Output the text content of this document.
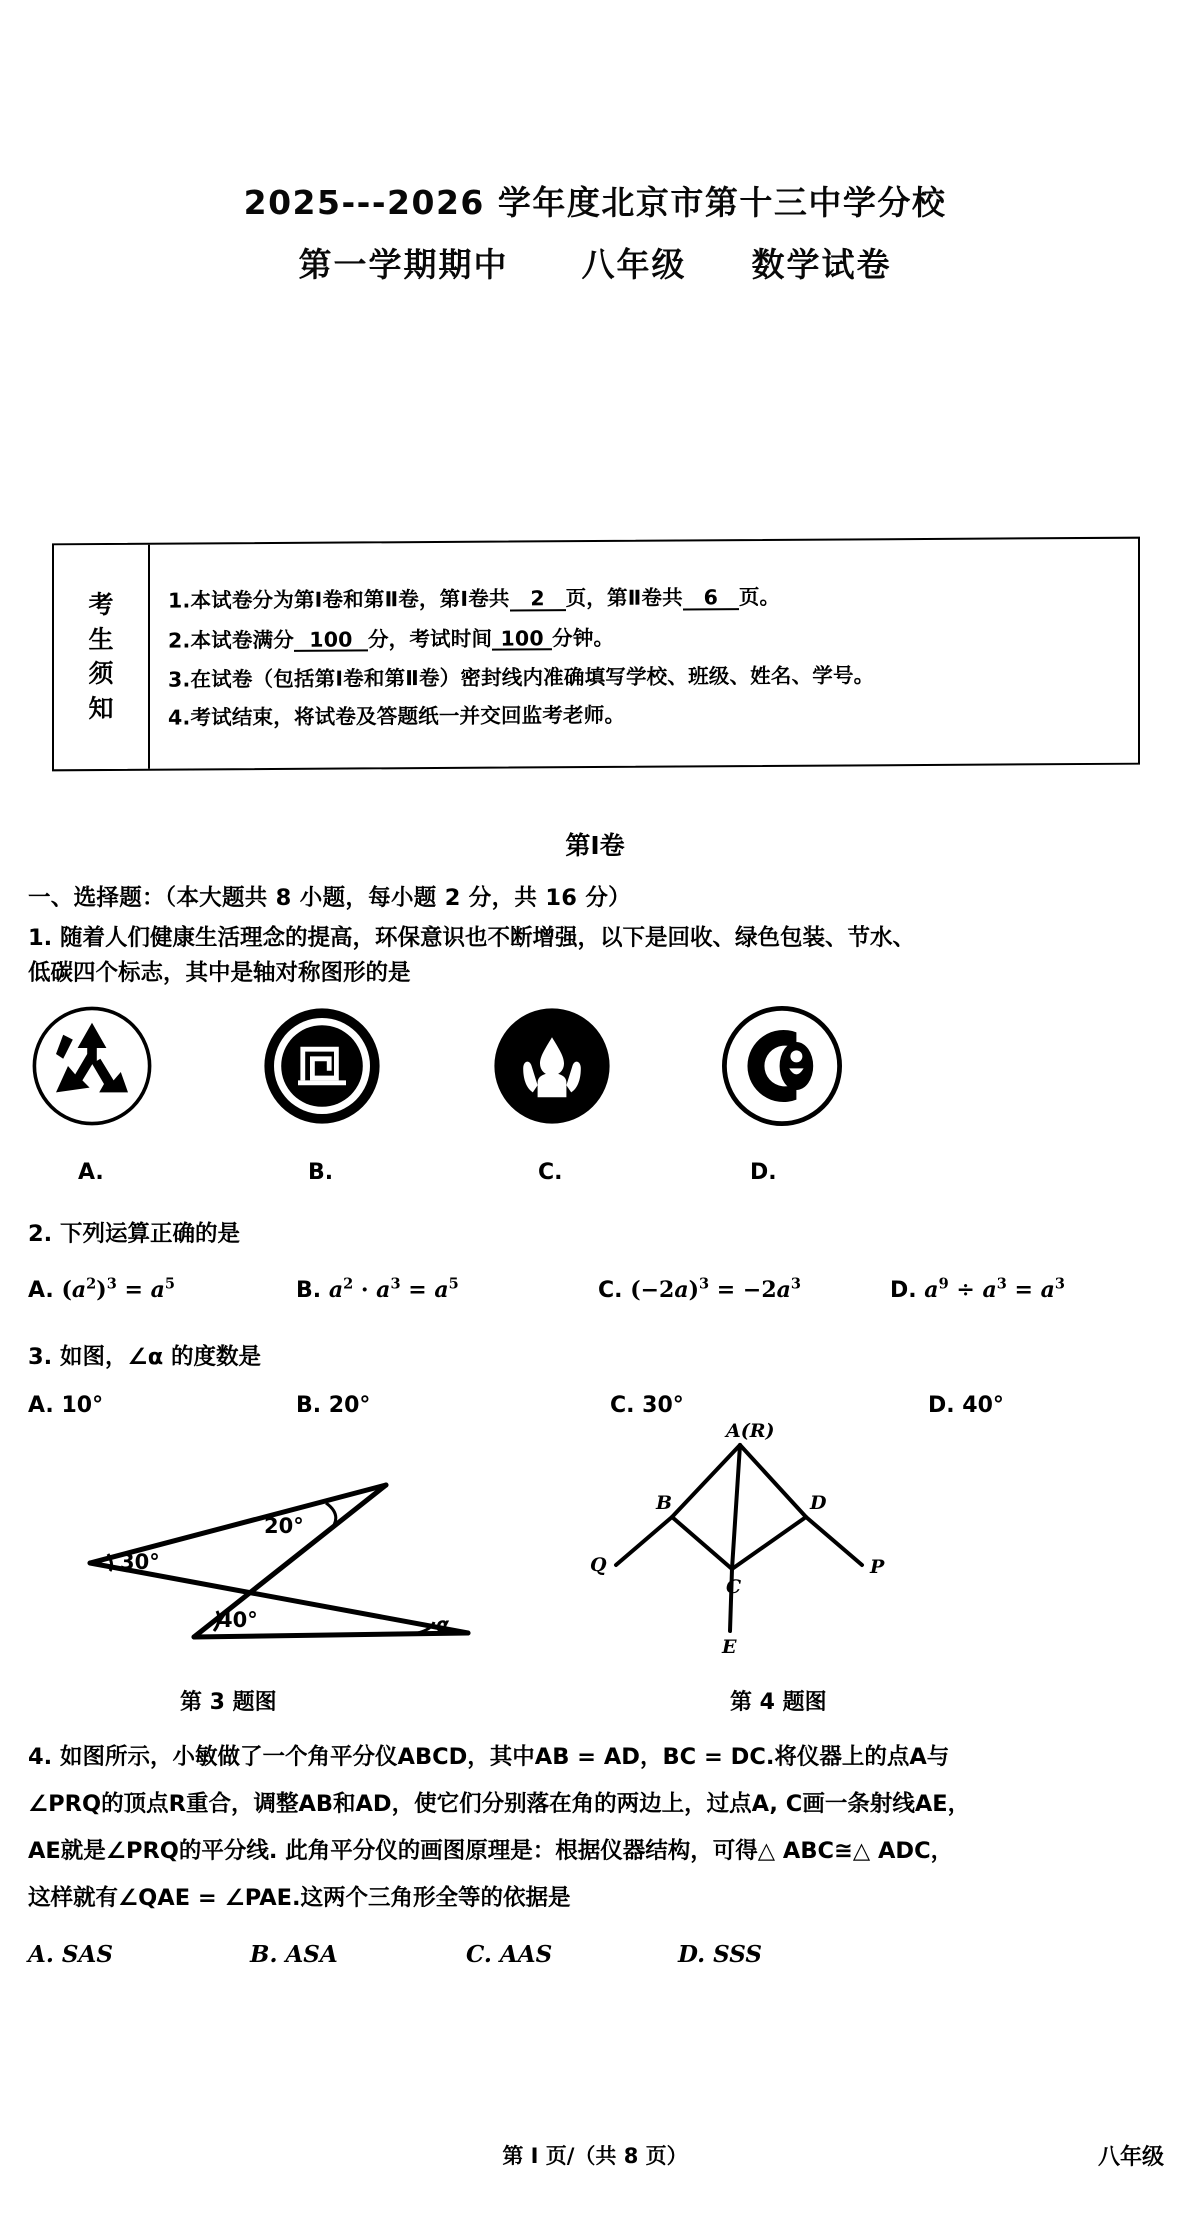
2025---2026 学年度北京市第十三中学分校
第一学期期中 八年级 数学试卷
考
生
须
知
1.本试卷分为第Ⅰ卷和第Ⅱ卷，第Ⅰ卷共 2 页，第Ⅱ卷共 6 页。
2.本试卷满分 100 分，考试时间 100 分钟。
3.在试卷（包括第Ⅰ卷和第Ⅱ卷）密封线内准确填写学校、班级、姓名、学号。
4.考试结束，将试卷及答题纸一并交回监考老师。
第Ⅰ卷
一、选择题：（本大题共 8 小题，每小题 2 分，共 16 分）
1. 随着人们健康生活理念的提高，环保意识也不断增强，以下是回收、绿色包装、节水、
低碳四个标志，其中是轴对称图形的是
A.	B.	C.	D.
2. 下列运算正确的是
A. $(a^2)^3 = a^5$	B. $a^2 \cdot a^3 = a^5$	C. $(-2a)^3 = -2a^3$	D. $a^9 \div a^3 = a^3$
3. 如图，∠α 的度数是
A. 10°	B. 20°	C. 30°	D. 40°
30°
20°
40°	α
A(R)
B	D
C
E
Q	P
第 3 题图	第 4 题图
4. 如图所示，小敏做了一个角平分仪ABCD，其中AB = AD，BC = DC.将仪器上的点A与
∠PRQ的顶点R重合，调整AB和AD，使它们分别落在角的两边上，过点A, C画一条射线AE，
AE就是∠PRQ的平分线. 此角平分仪的画图原理是：根据仪器结构，可得△ ABC≅△ ADC，
这样就有∠QAE = ∠PAE.这两个三角形全等的依据是
A. SAS	B. ASA	C. AAS	D. SSS
第 I 页/（共 8 页）	八年级
